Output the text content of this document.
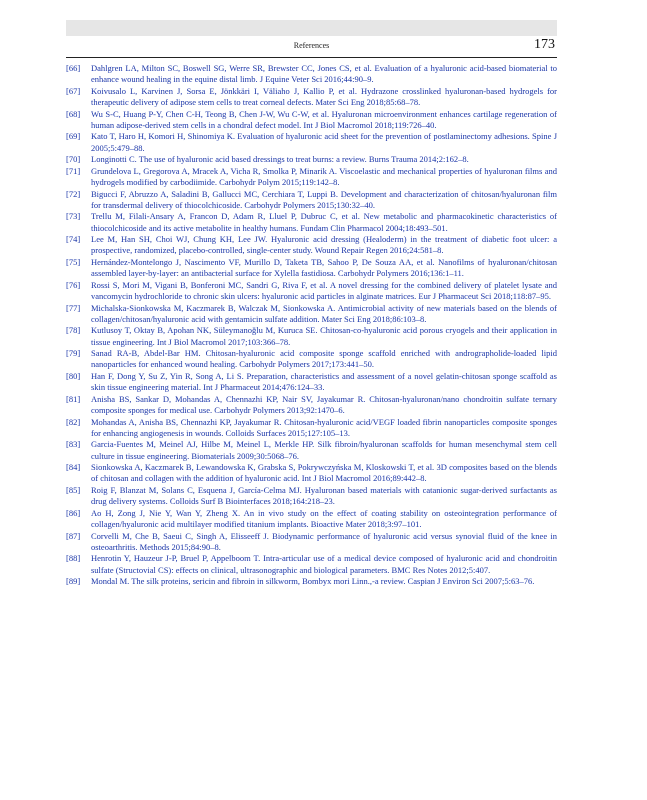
References	173
[66] Dahlgren LA, Milton SC, Boswell SG, Werre SR, Brewster CC, Jones CS, et al. Evaluation of a hyaluronic acid-based biomaterial to enhance wound healing in the equine distal limb. J Equine Veter Sci 2016;44:90–9.
[67] Koivusalo L, Karvinen J, Sorsa E, Jönkkäri I, Väliaho J, Kallio P, et al. Hydrazone crosslinked hyaluronan-based hydrogels for therapeutic delivery of adipose stem cells to treat corneal defects. Mater Sci Eng 2018;85:68–78.
[68] Wu S-C, Huang P-Y, Chen C-H, Teong B, Chen J-W, Wu C-W, et al. Hyaluronan microenvironment enhances cartilage regeneration of human adipose-derived stem cells in a chondral defect model. Int J Biol Macromol 2018;119:726–40.
[69] Kato T, Haro H, Komori H, Shinomiya K. Evaluation of hyaluronic acid sheet for the prevention of postlaminectomy adhesions. Spine J 2005;5:479–88.
[70] Longinotti C. The use of hyaluronic acid based dressings to treat burns: a review. Burns Trauma 2014;2:162–8.
[71] Grundelova L, Gregorova A, Mracek A, Vicha R, Smolka P, Minarik A. Viscoelastic and mechanical properties of hyaluronan films and hydrogels modified by carbodiimide. Carbohydr Polym 2015;119:142–8.
[72] Bigucci F, Abruzzo A, Saladini B, Gallucci MC, Cerchiara T, Luppi B. Development and characterization of chitosan/hyaluronan film for transdermal delivery of thiocolchicoside. Carbohydr Polymers 2015;130:32–40.
[73] Trellu M, Filali-Ansary A, Francon D, Adam R, Lluel P, Dubruc C, et al. New metabolic and pharmacokinetic characteristics of thiocolchicoside and its active metabolite in healthy humans. Fundam Clin Pharmacol 2004;18:493–501.
[74] Lee M, Han SH, Choi WJ, Chung KH, Lee JW. Hyaluronic acid dressing (Healoderm) in the treatment of diabetic foot ulcer: a prospective, randomized, placebo-controlled, single-center study. Wound Repair Regen 2016;24:581–8.
[75] Hernández-Montelongo J, Nascimento VF, Murillo D, Taketa TB, Sahoo P, De Souza AA, et al. Nanofilms of hyaluronan/chitosan assembled layer-by-layer: an antibacterial surface for Xylella fastidiosa. Carbohydr Polymers 2016;136:1–11.
[76] Rossi S, Mori M, Vigani B, Bonferoni MC, Sandri G, Riva F, et al. A novel dressing for the combined delivery of platelet lysate and vancomycin hydrochloride to chronic skin ulcers: hyaluronic acid particles in alginate matrices. Eur J Pharmaceut Sci 2018;118:87–95.
[77] Michalska-Sionkowska M, Kaczmarek B, Walczak M, Sionkowska A. Antimicrobial activity of new materials based on the blends of collagen/chitosan/hyaluronic acid with gentamicin sulfate addition. Mater Sci Eng 2018;86:103–8.
[78] Kutlusoy T, Oktay B, Apohan NK, Süleymanoğlu M, Kuruca SE. Chitosan-co-hyaluronic acid porous cryogels and their application in tissue engineering. Int J Biol Macromol 2017;103:366–78.
[79] Sanad RA-B, Abdel-Bar HM. Chitosan-hyaluronic acid composite sponge scaffold enriched with andrographolide-loaded lipid nanoparticles for enhanced wound healing. Carbohydr Polymers 2017;173:441–50.
[80] Han F, Dong Y, Su Z, Yin R, Song A, Li S. Preparation, characteristics and assessment of a novel gelatin-chitosan sponge scaffold as skin tissue engineering material. Int J Pharmaceut 2014;476:124–33.
[81] Anisha BS, Sankar D, Mohandas A, Chennazhi KP, Nair SV, Jayakumar R. Chitosan-hyaluronan/nano chondroitin sulfate ternary composite sponges for medical use. Carbohydr Polymers 2013;92:1470–6.
[82] Mohandas A, Anisha BS, Chennazhi KP, Jayakumar R. Chitosan-hyaluronic acid/VEGF loaded fibrin nanoparticles composite sponges for enhancing angiogenesis in wounds. Colloids Surfaces 2015;127:105–13.
[83] Garcia-Fuentes M, Meinel AJ, Hilbe M, Meinel L, Merkle HP. Silk fibroin/hyaluronan scaffolds for human mesenchymal stem cell culture in tissue engineering. Biomaterials 2009;30:5068–76.
[84] Sionkowska A, Kaczmarek B, Lewandowska K, Grabska S, Pokrywczyńska M, Kloskowski T, et al. 3D composites based on the blends of chitosan and collagen with the addition of hyaluronic acid. Int J Biol Macromol 2016;89:442–8.
[85] Roig F, Blanzat M, Solans C, Esquena J, García-Celma MJ. Hyaluronan based materials with catanionic sugar-derived surfactants as drug delivery systems. Colloids Surf B Biointerfaces 2018;164:218–23.
[86] Ao H, Zong J, Nie Y, Wan Y, Zheng X. An in vivo study on the effect of coating stability on osteointegration performance of collagen/hyaluronic acid multilayer modified titanium implants. Bioactive Mater 2018;3:97–101.
[87] Corvelli M, Che B, Saeui C, Singh A, Elisseeff J. Biodynamic performance of hyaluronic acid versus synovial fluid of the knee in osteoarthritis. Methods 2015;84:90–8.
[88] Henrotin Y, Hauzeur J-P, Bruel P, Appelboom T. Intra-articular use of a medical device composed of hyaluronic acid and chondroitin sulfate (Structovial CS): effects on clinical, ultrasonographic and biological parameters. BMC Res Notes 2012;5:407.
[89] Mondal M. The silk proteins, sericin and fibroin in silkworm, Bombyx mori Linn.,-a review. Caspian J Environ Sci 2007;5:63–76.
